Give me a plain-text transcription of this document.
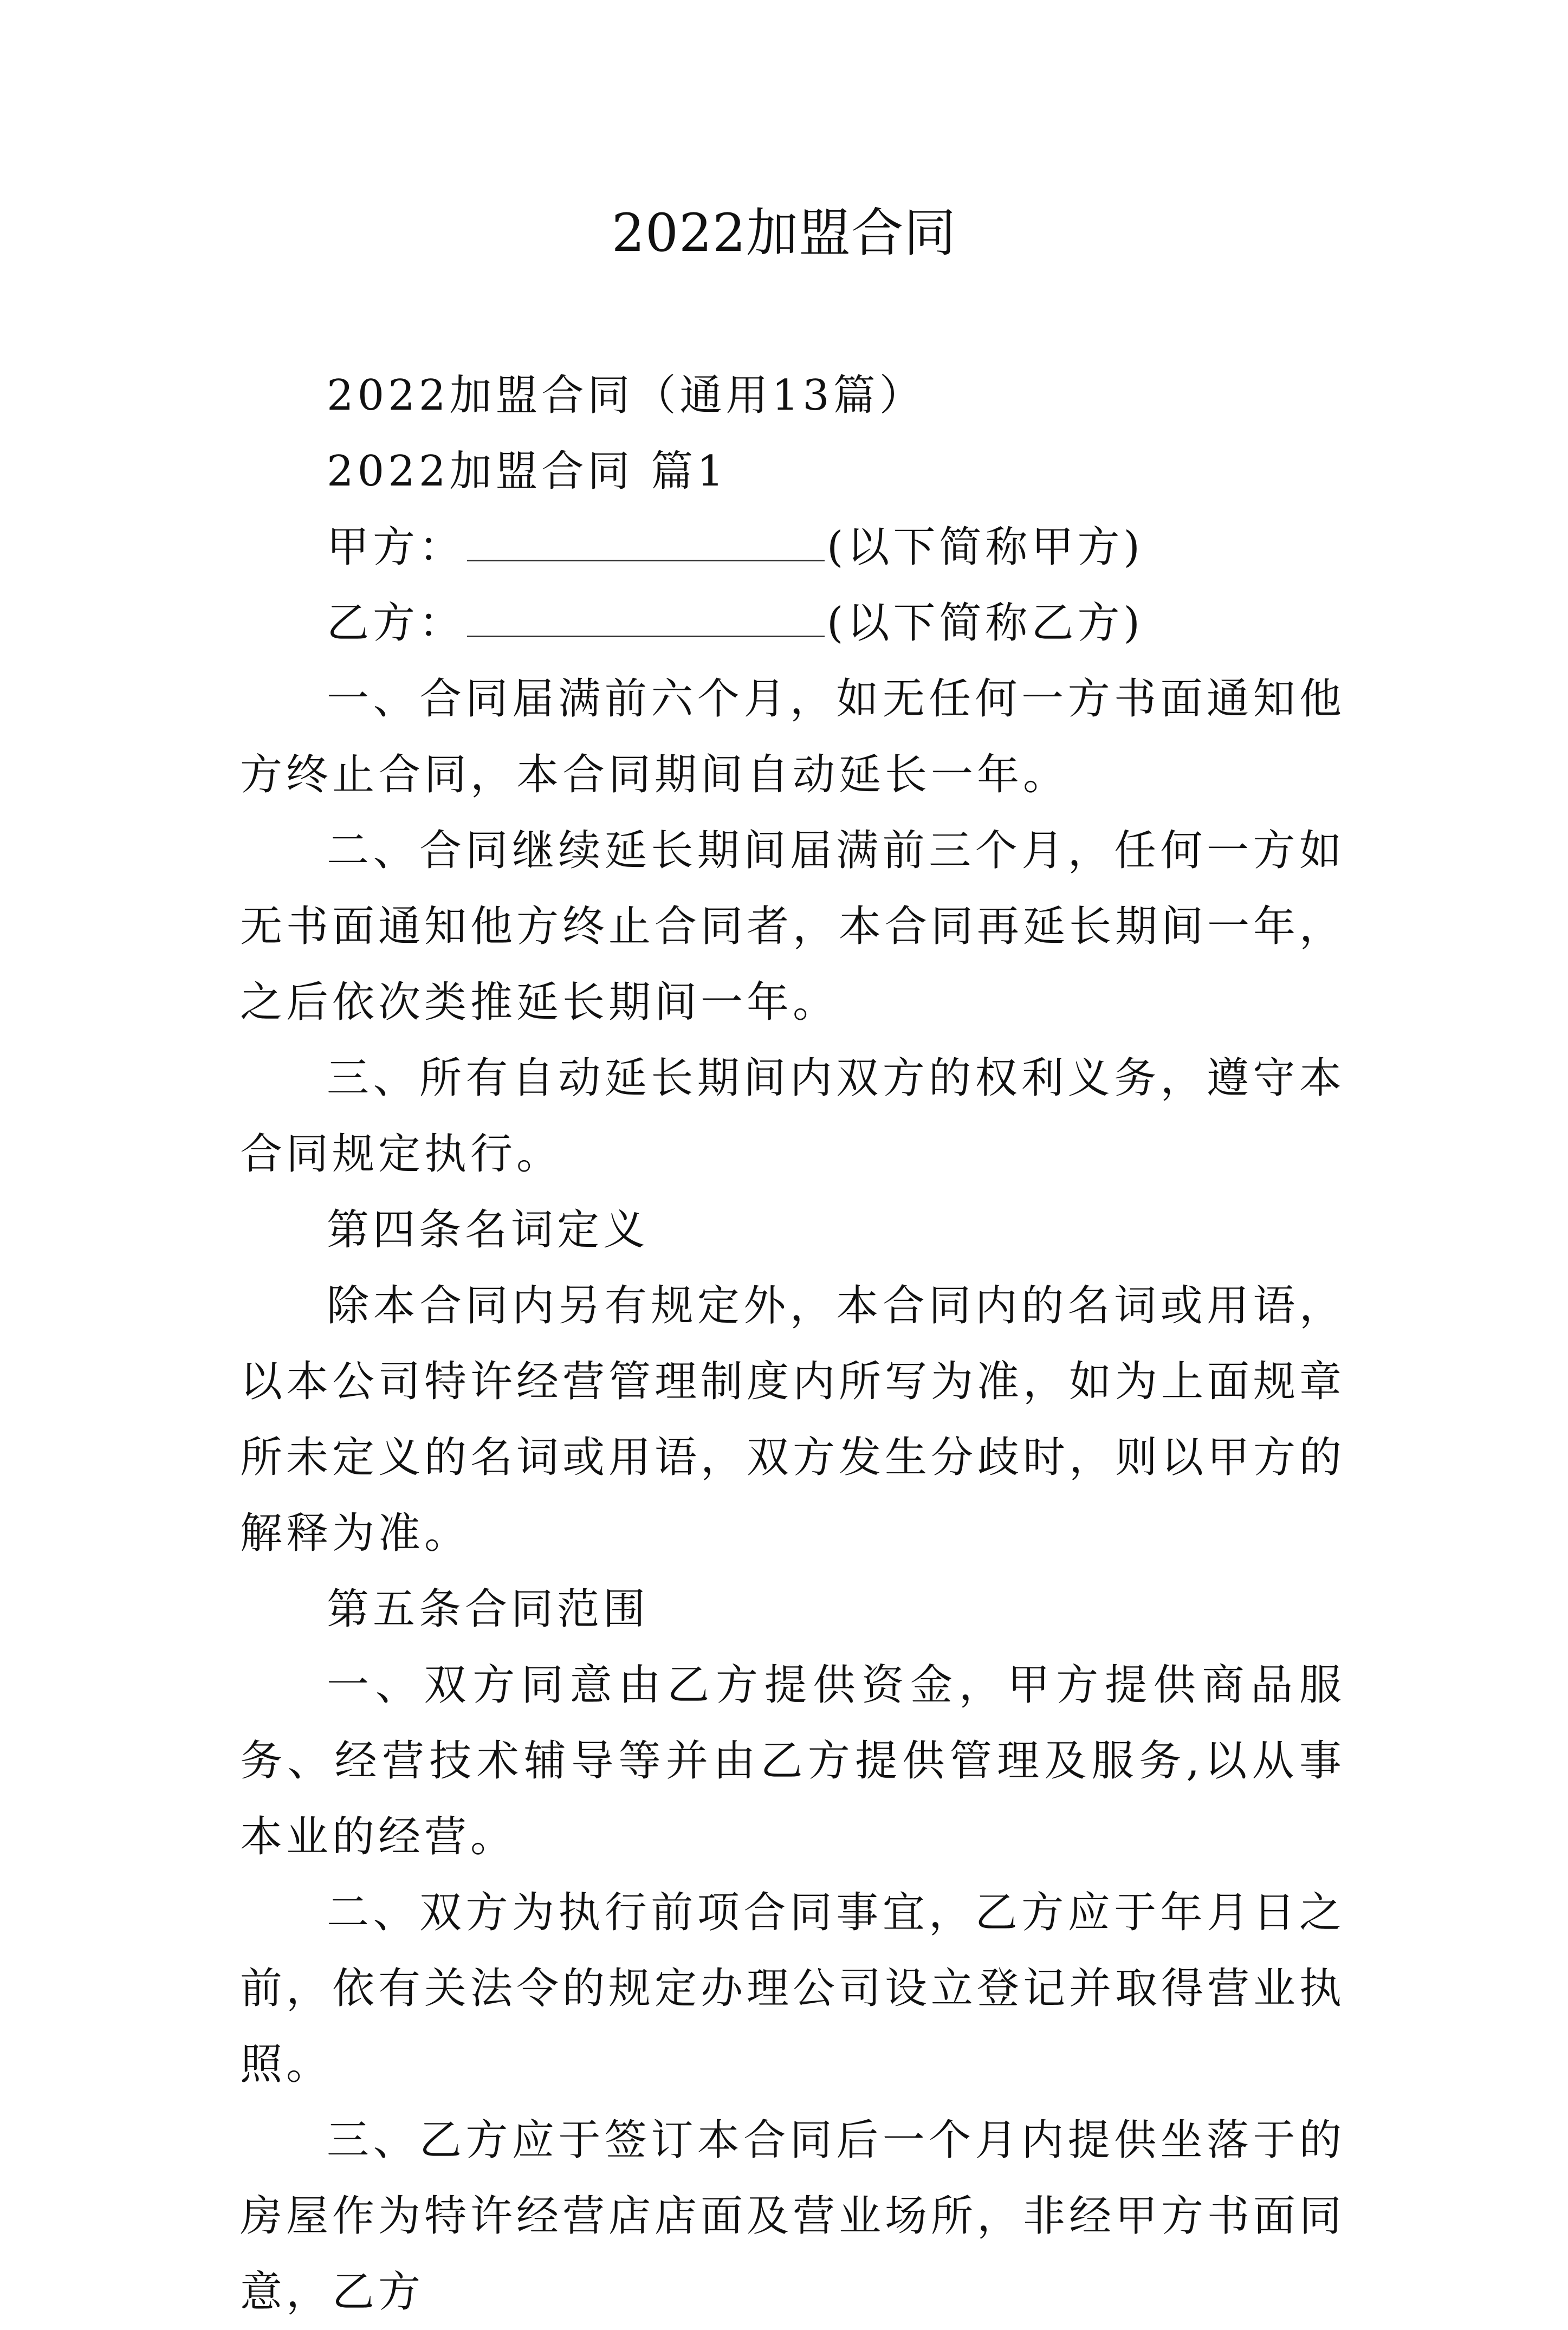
2022加盟合同

2022加盟合同（通用13篇）

2022加盟合同 篇1

甲方：	(以下简称甲方)

乙方：	(以下简称乙方)

一、合同届满前六个月，如无任何一方书面通知他方终止合同，本合同期间自动延长一年。

二、合同继续延长期间届满前三个月，任何一方如无书面通知他方终止合同者，本合同再延长期间一年，之后依次类推延长期间一年。

三、所有自动延长期间内双方的权利义务，遵守本合同规定执行。

第四条名词定义

除本合同内另有规定外，本合同内的名词或用语，以本公司特许经营管理制度内所写为准，如为上面规章所未定义的名词或用语，双方发生分歧时，则以甲方的解释为准。

第五条合同范围

一、双方同意由乙方提供资金，甲方提供商品服务、经营技术辅导等并由乙方提供管理及服务,以从事本业的经营。

二、双方为执行前项合同事宜，乙方应于年月日之前，依有关法令的规定办理公司设立登记并取得营业执照。

三、乙方应于签订本合同后一个月内提供坐落于的房屋作为特许经营店店面及营业场所，非经甲方书面同意，乙方
